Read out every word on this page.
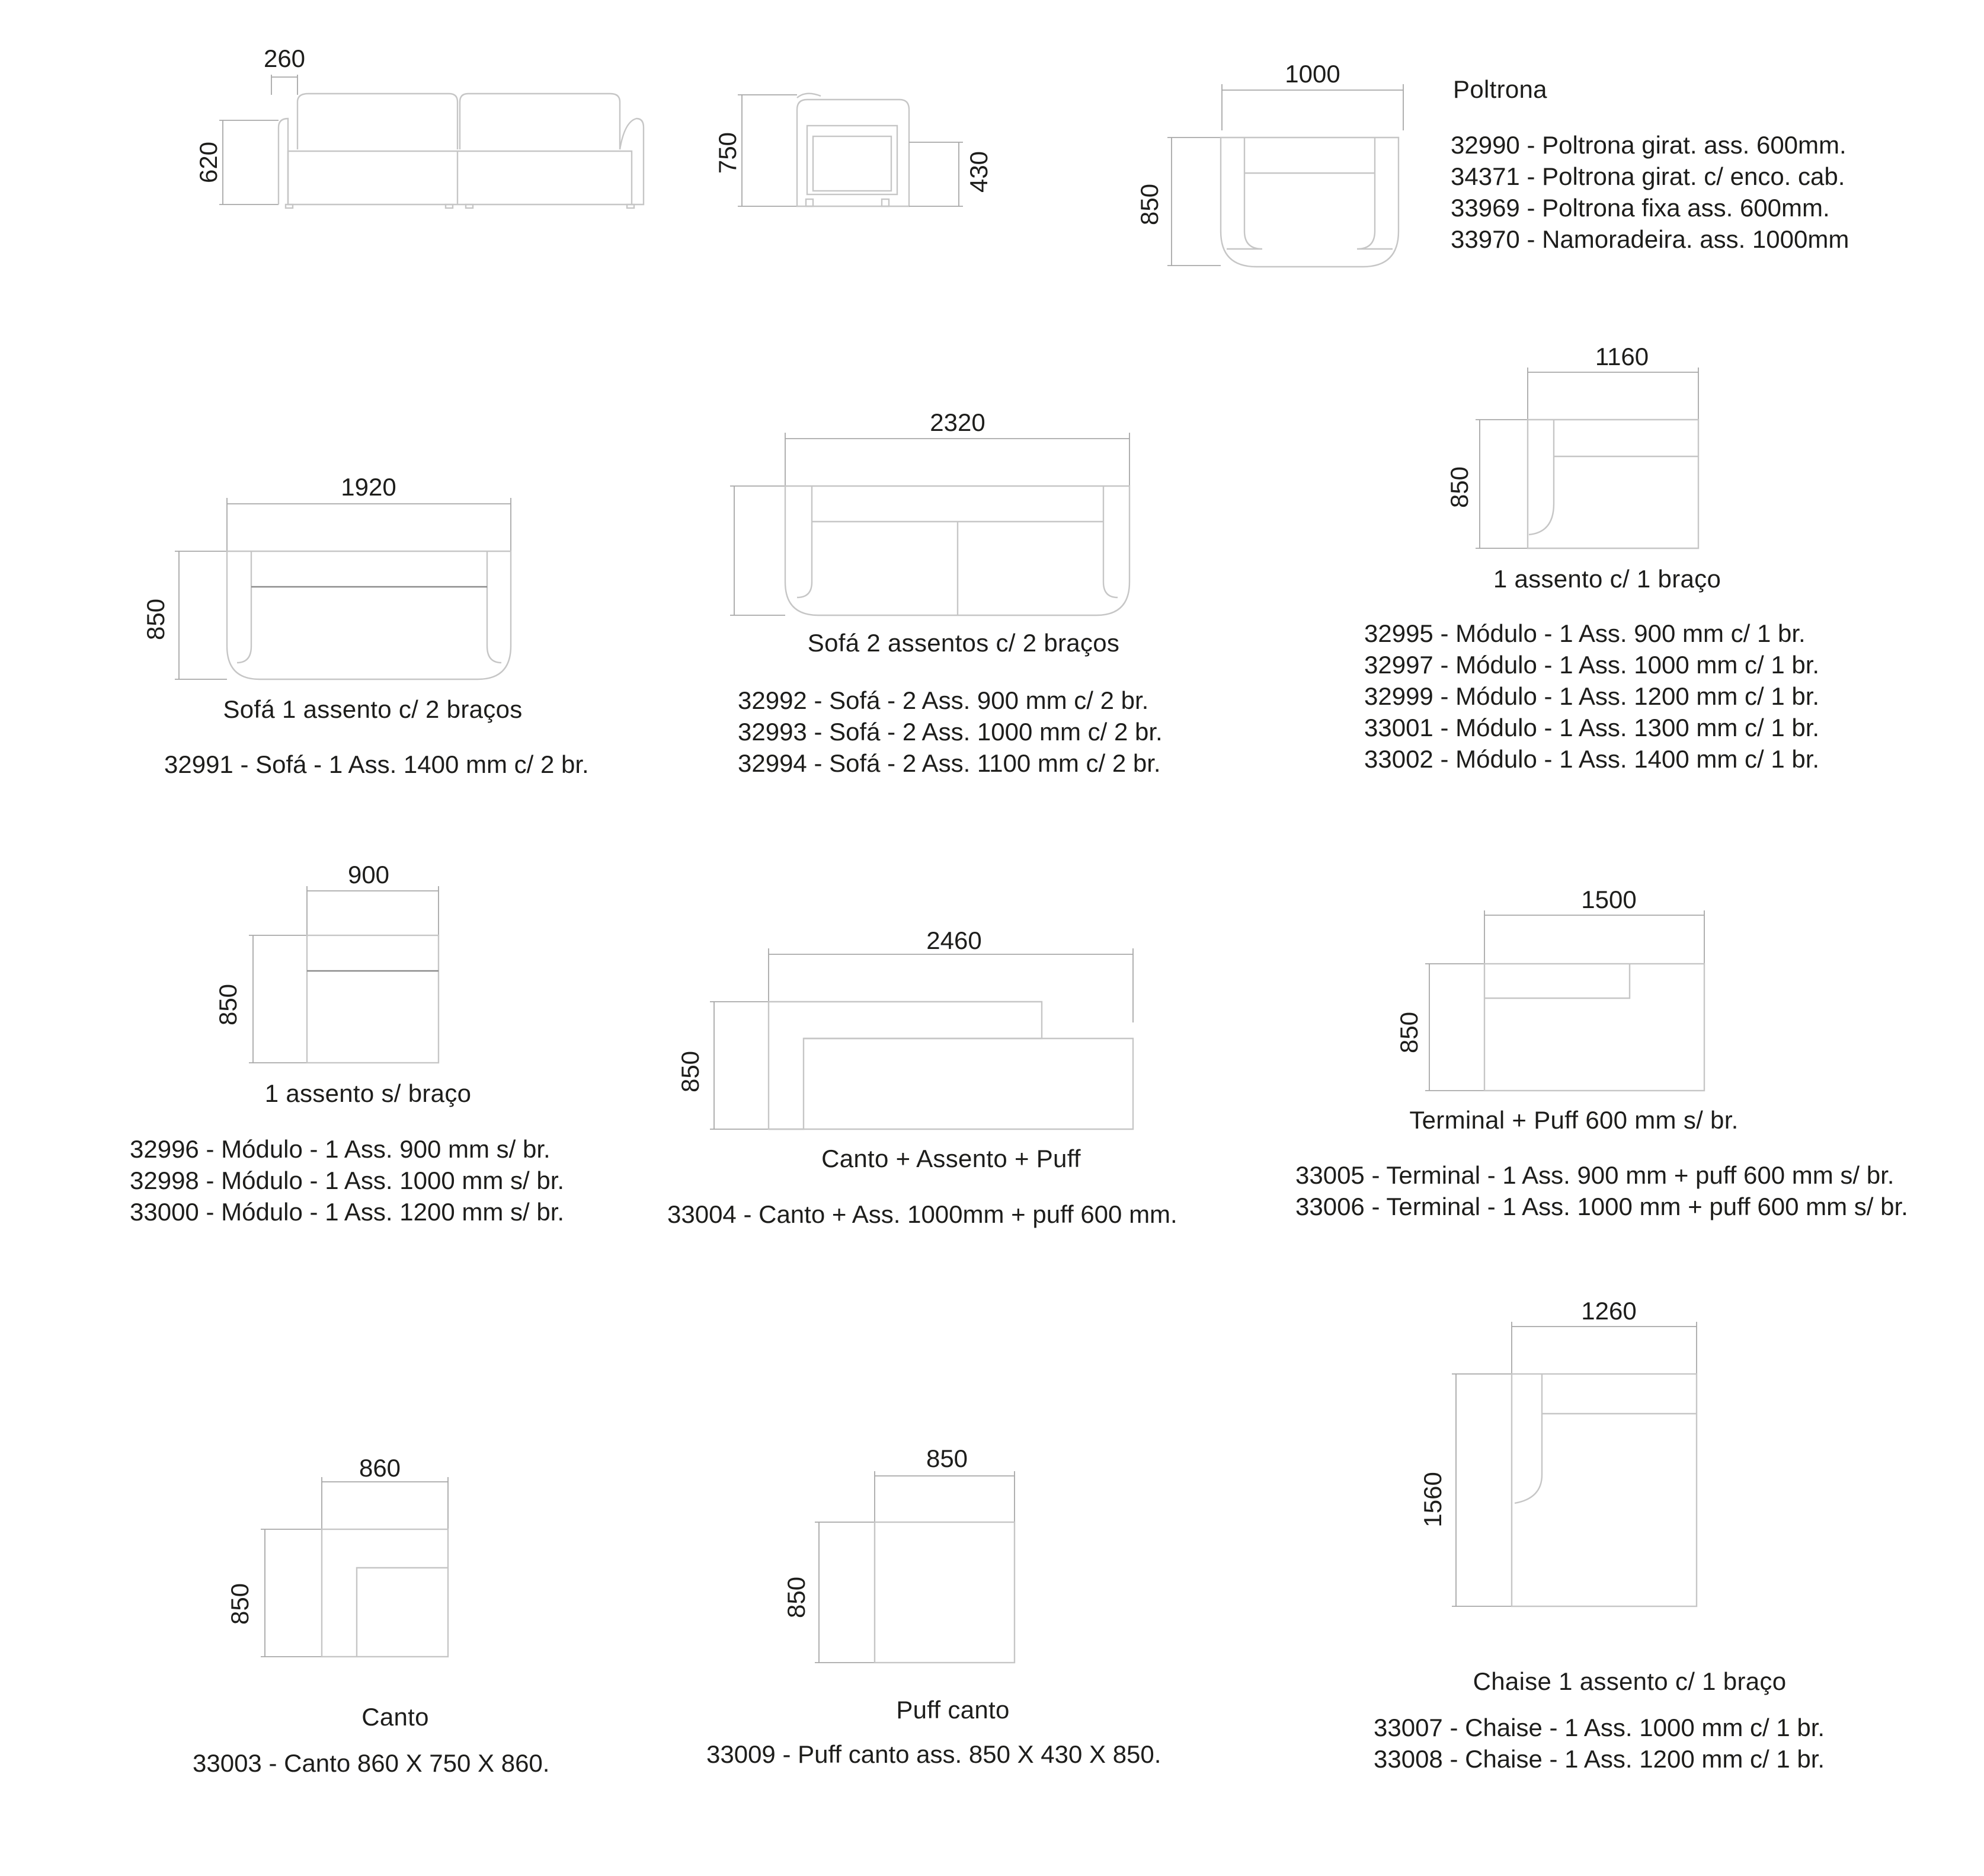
260
620	750	430
1000
850
1920
850
2320
1160
850
900
850
2460
850
1500
850
860
850
850
850
1260
1560
Poltrona
32990 - Poltrona girat. ass. 600mm.
34371 - Poltrona girat. c/ enco. cab.
33969 - Poltrona fixa ass. 600mm.
33970 - Namoradeira. ass. 1000mm
Sofá 1 assento c/ 2 braços
32991 - Sofá - 1 Ass. 1400 mm c/ 2 br.
Sofá 2 assentos c/ 2 braços
32992 - Sofá - 2 Ass. 900 mm c/ 2 br.
32993 - Sofá - 2 Ass. 1000 mm c/ 2 br.
32994 - Sofá - 2 Ass. 1100 mm c/ 2 br.
1 assento c/ 1 braço
32995 - Módulo - 1 Ass. 900 mm c/ 1 br.
32997 - Módulo - 1 Ass. 1000 mm c/ 1 br.
32999 - Módulo - 1 Ass. 1200 mm c/ 1 br.
33001 - Módulo - 1 Ass. 1300 mm c/ 1 br.
33002 - Módulo - 1 Ass. 1400 mm c/ 1 br.
1 assento s/ braço
32996 - Módulo - 1 Ass. 900 mm s/ br.
32998 - Módulo - 1 Ass. 1000 mm s/ br.
33000 - Módulo - 1 Ass. 1200 mm s/ br.
Canto + Assento + Puff
33004 - Canto + Ass. 1000mm + puff 600 mm.
Terminal + Puff 600 mm s/ br.
33005 - Terminal - 1 Ass. 900 mm + puff 600 mm s/ br.
33006 - Terminal - 1 Ass. 1000 mm + puff 600 mm s/ br.
Canto
33003 - Canto 860 X 750 X 860.
Puff canto
33009 - Puff canto ass. 850 X 430 X 850.
Chaise 1 assento c/ 1 braço
33007 - Chaise - 1 Ass. 1000 mm c/ 1 br.
33008 - Chaise - 1 Ass. 1200 mm c/ 1 br.
